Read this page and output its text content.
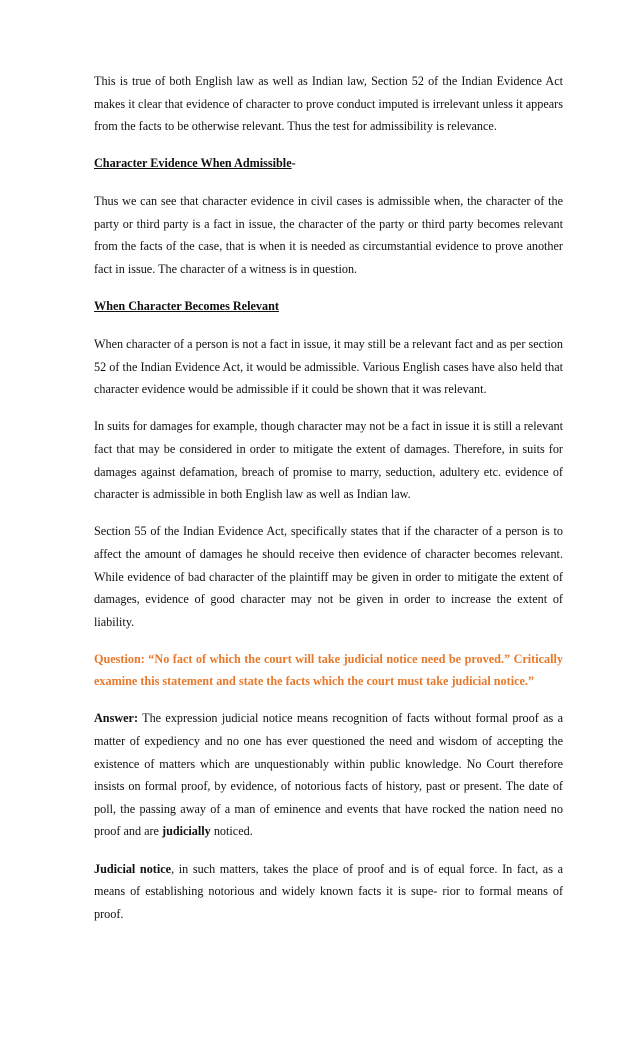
This is true of both English law as well as Indian law, Section 52 of the Indian Evidence Act makes it clear that evidence of character to prove conduct imputed is irrelevant unless it appears from the facts to be otherwise relevant. Thus the test for admissibility is relevance.

Character Evidence When Admissible-

Thus we can see that character evidence in civil cases is admissible when, the character of the party or third party is a fact in issue, the character of the party or third party becomes relevant from the facts of the case, that is when it is needed as circumstantial evidence to prove another fact in issue. The character of a witness is in question.

When Character Becomes Relevant

When character of a person is not a fact in issue, it may still be a relevant fact and as per section 52 of the Indian Evidence Act, it would be admissible. Various English cases have also held that character evidence would be admissible if it could be shown that it was relevant.

In suits for damages for example, though character may not be a fact in issue it is still a relevant fact that may be considered in order to mitigate the extent of damages. Therefore, in suits for damages against defamation, breach of promise to marry, seduction, adultery etc. evidence of character is admissible in both English law as well as Indian law.

Section 55 of the Indian Evidence Act, specifically states that if the character of a person is to affect the amount of damages he should receive then evidence of character becomes relevant. While evidence of bad character of the plaintiff may be given in order to mitigate the extent of damages, evidence of good character may not be given in order to increase the extent of liability.

Question: “No fact of which the court will take judicial notice need be proved.” Critically examine this statement and state the facts which the court must take judicial notice.”

Answer: The expression judicial notice means recognition of facts without formal proof as a matter of expediency and no one has ever questioned the need and wisdom of accepting the existence of matters which are unquestionably within public knowledge. No Court therefore insists on formal proof, by evidence, of notorious facts of history, past or present. The date of poll, the passing away of a man of eminence and events that have rocked the nation need no proof and are judicially noticed.

Judicial notice, in such matters, takes the place of proof and is of equal force. In fact, as a means of establishing notorious and widely known facts it is supe- rior to formal means of proof.
